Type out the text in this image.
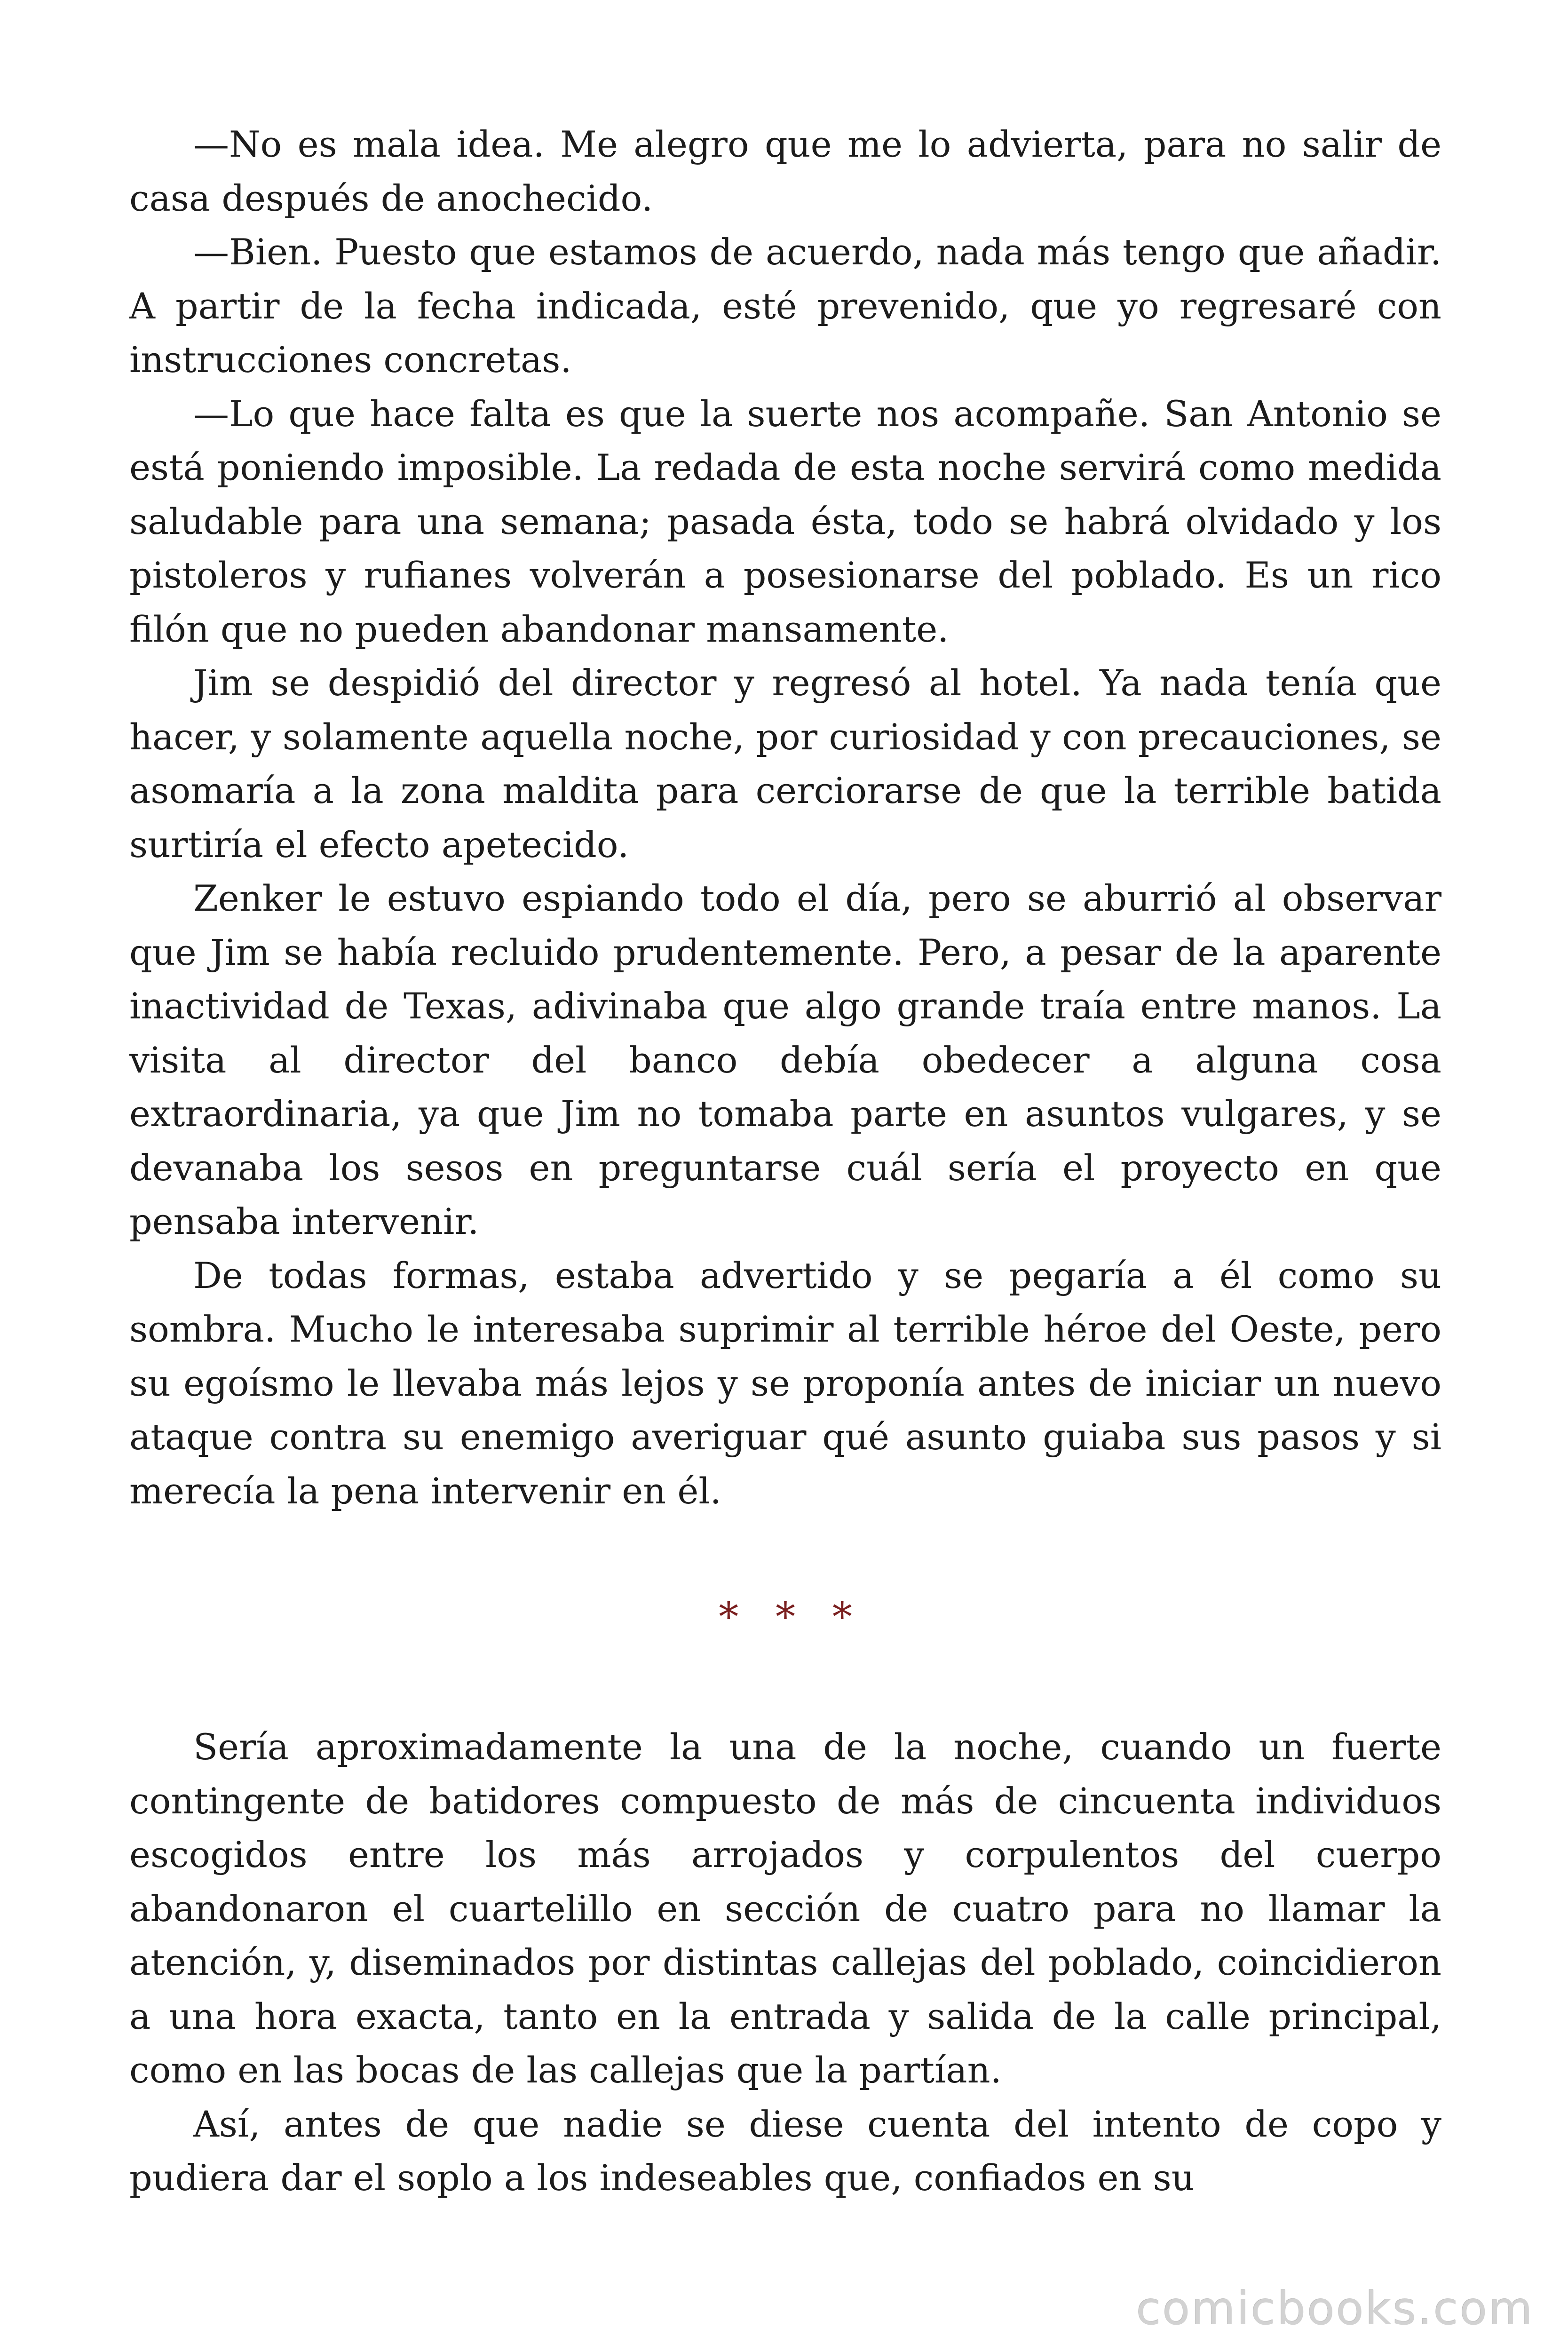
—No es mala idea. Me alegro que me lo advierta, para no salir de casa después de anochecido.

—Bien. Puesto que estamos de acuerdo, nada más tengo que añadir. A partir de la fecha indicada, esté prevenido, que yo regresaré con instrucciones concretas.

—Lo que hace falta es que la suerte nos acompañe. San Antonio se está poniendo imposible. La redada de esta noche servirá como medida saludable para una semana; pasada ésta, todo se habrá olvidado y los pistoleros y rufianes volverán a posesionarse del poblado. Es un rico filón que no pueden abandonar mansamente.

Jim se despidió del director y regresó al hotel. Ya nada tenía que hacer, y solamente aquella noche, por curiosidad y con precauciones, se asomaría a la zona maldita para cerciorarse de que la terrible batida surtiría el efecto apetecido.

Zenker le estuvo espiando todo el día, pero se aburrió al observar que Jim se había recluido prudentemente. Pero, a pesar de la aparente inactividad de Texas, adivinaba que algo grande traía entre manos. La visita al director del banco debía obedecer a alguna cosa extraordinaria, ya que Jim no tomaba parte en asuntos vulgares, y se devanaba los sesos en preguntarse cuál sería el proyecto en que pensaba intervenir.

De todas formas, estaba advertido y se pegaría a él como su sombra. Mucho le interesaba suprimir al terrible héroe del Oeste, pero su egoísmo le llevaba más lejos y se proponía antes de iniciar un nuevo ataque contra su enemigo averiguar qué asunto guiaba sus pasos y si merecía la pena intervenir en él.

* * *

Sería aproximadamente la una de la noche, cuando un fuerte contingente de batidores compuesto de más de cincuenta individuos escogidos entre los más arrojados y corpulentos del cuerpo abandonaron el cuartelillo en sección de cuatro para no llamar la atención, y, diseminados por distintas callejas del poblado, coincidieron a una hora exacta, tanto en la entrada y salida de la calle principal, como en las bocas de las callejas que la partían.

Así, antes de que nadie se diese cuenta del intento de copo y pudiera dar el soplo a los indeseables que, confiados en su

comicbooks.com
